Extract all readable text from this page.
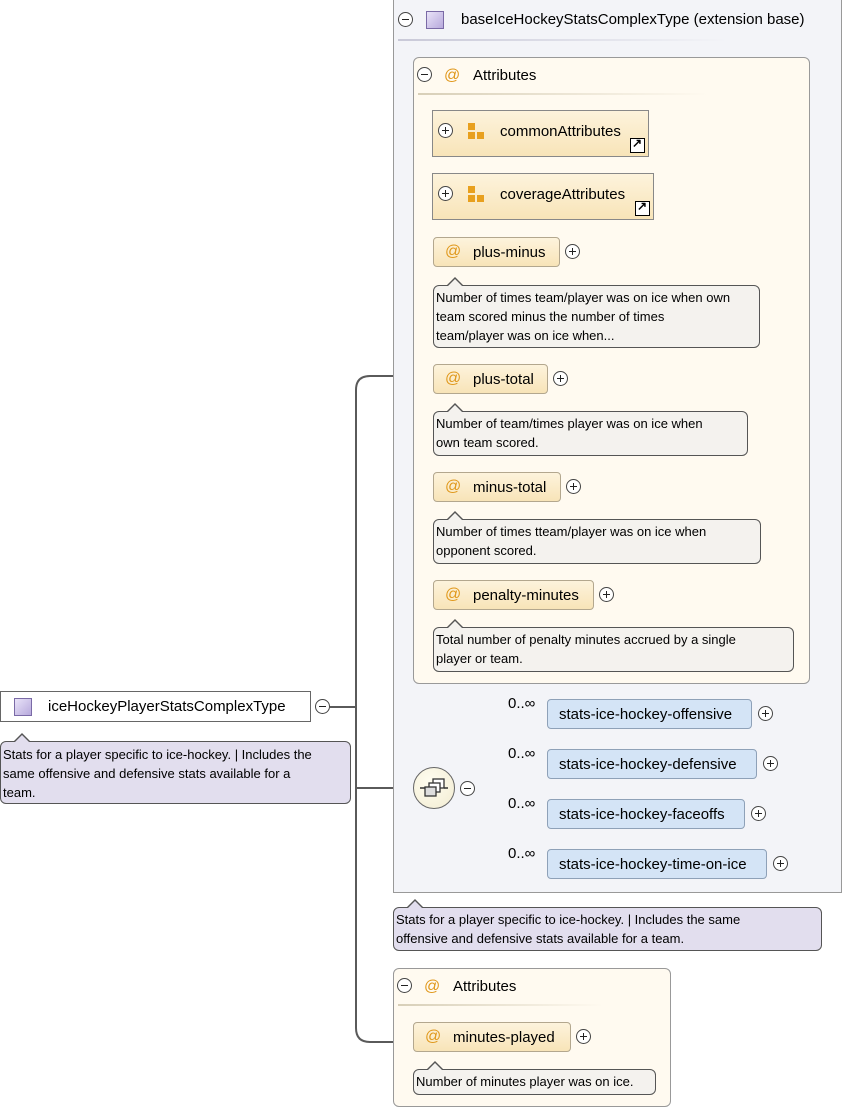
iceHockeyPlayerStatsComplexType
Stats for a player specific to ice-hockey. | Includes the
same offensive and defensive stats available for a
team.
baseIceHockeyStatsComplexType (extension base)
@ Attributes
commonAttributes
↗
coverageAttributes
↗
@ plus-minus
Number of times team/player was on ice when own
team scored minus the number of times
team/player was on ice when...
@ plus-total
Number of team/times player was on ice when
own team scored.
@ minus-total
Number of times tteam/player was on ice when
opponent scored.
@ penalty-minutes
Total number of penalty minutes accrued by a single
player or team.
0..∞
stats-ice-hockey-offensive
0..∞
stats-ice-hockey-defensive
0..∞
stats-ice-hockey-faceoffs
0..∞
stats-ice-hockey-time-on-ice
Stats for a player specific to ice-hockey. | Includes the same
offensive and defensive stats available for a team.
@ Attributes
@ minutes-played
Number of minutes player was on ice.
